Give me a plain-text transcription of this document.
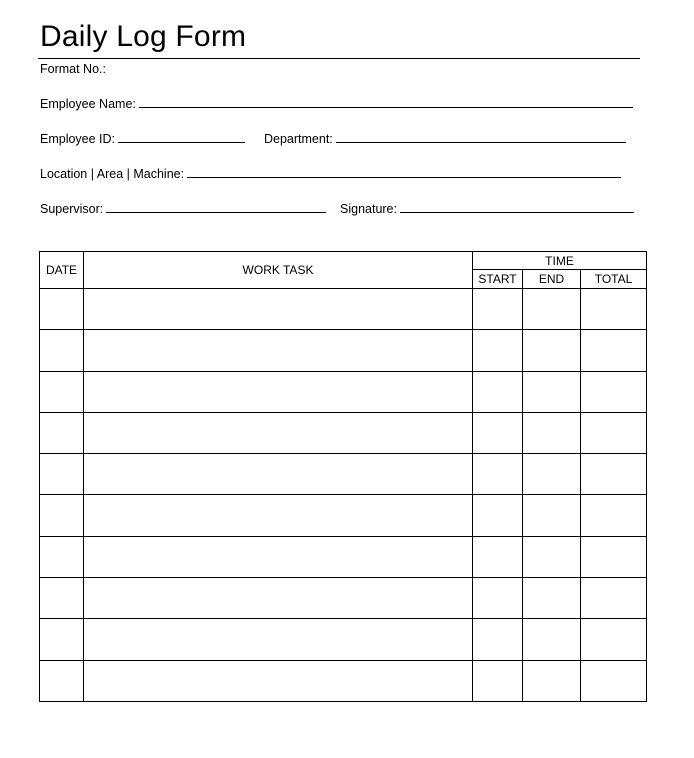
Daily Log Form
Format No.:
Employee Name:
Employee ID:	Department:
Location | Area | Machine:
Supervisor:	Signature:
DATE	WORK TASK	TIME		
		START	END	TOTAL
